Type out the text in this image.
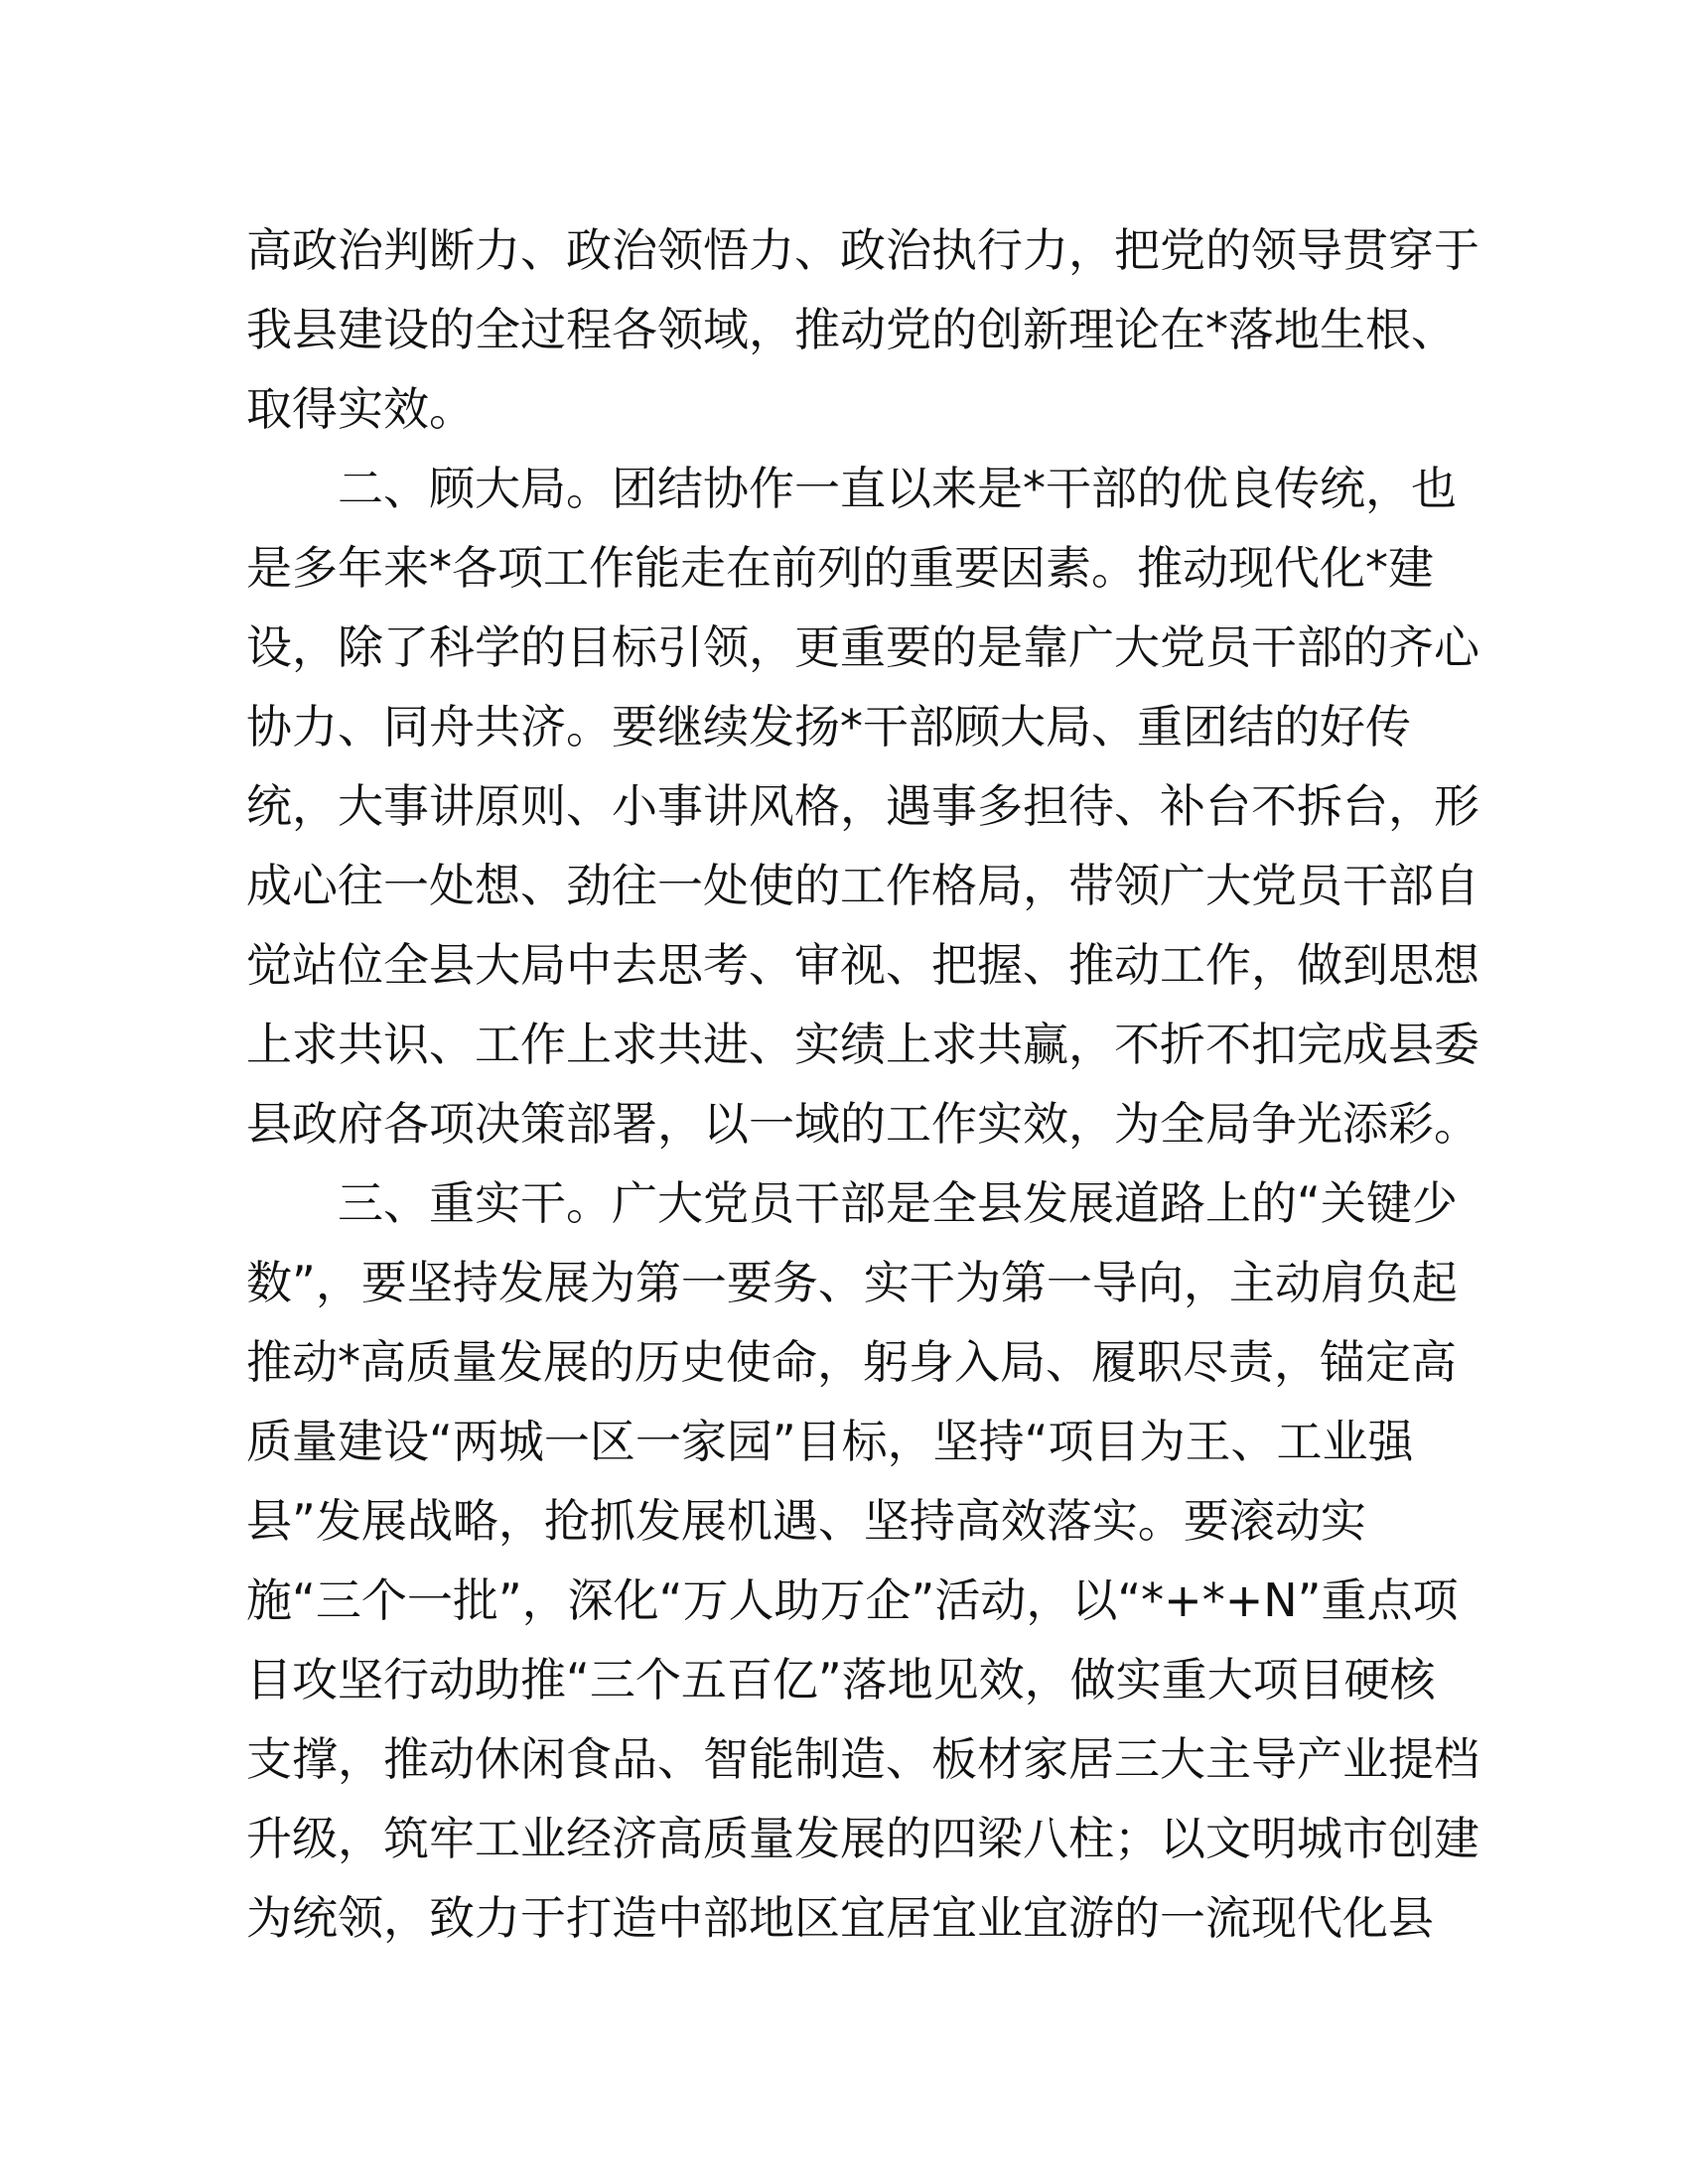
高政治判断力、政治领悟力、政治执行力，把党的领导贯穿于
我县建设的全过程各领域，推动党的创新理论在*落地生根、
取得实效。
二、顾大局。团结协作一直以来是*干部的优良传统，也
是多年来*各项工作能走在前列的重要因素。推动现代化*建
设，除了科学的目标引领，更重要的是靠广大党员干部的齐心
协力、同舟共济。要继续发扬*干部顾大局、重团结的好传
统，大事讲原则、小事讲风格，遇事多担待、补台不拆台，形
成心往一处想、劲往一处使的工作格局，带领广大党员干部自
觉站位全县大局中去思考、审视、把握、推动工作，做到思想
上求共识、工作上求共进、实绩上求共赢，不折不扣完成县委
县政府各项决策部署，以一域的工作实效，为全局争光添彩。
三、重实干。广大党员干部是全县发展道路上的“关键少
数”，要坚持发展为第一要务、实干为第一导向，主动肩负起
推动*高质量发展的历史使命，躬身入局、履职尽责，锚定高
质量建设“两城一区一家园”目标，坚持“项目为王、工业强
县”发展战略，抢抓发展机遇、坚持高效落实。要滚动实
施“三个一批”，深化“万人助万企”活动，以“*+*+N”重点项
目攻坚行动助推“三个五百亿”落地见效，做实重大项目硬核
支撑，推动休闲食品、智能制造、板材家居三大主导产业提档
升级，筑牢工业经济高质量发展的四梁八柱；以文明城市创建
为统领，致力于打造中部地区宜居宜业宜游的一流现代化县
